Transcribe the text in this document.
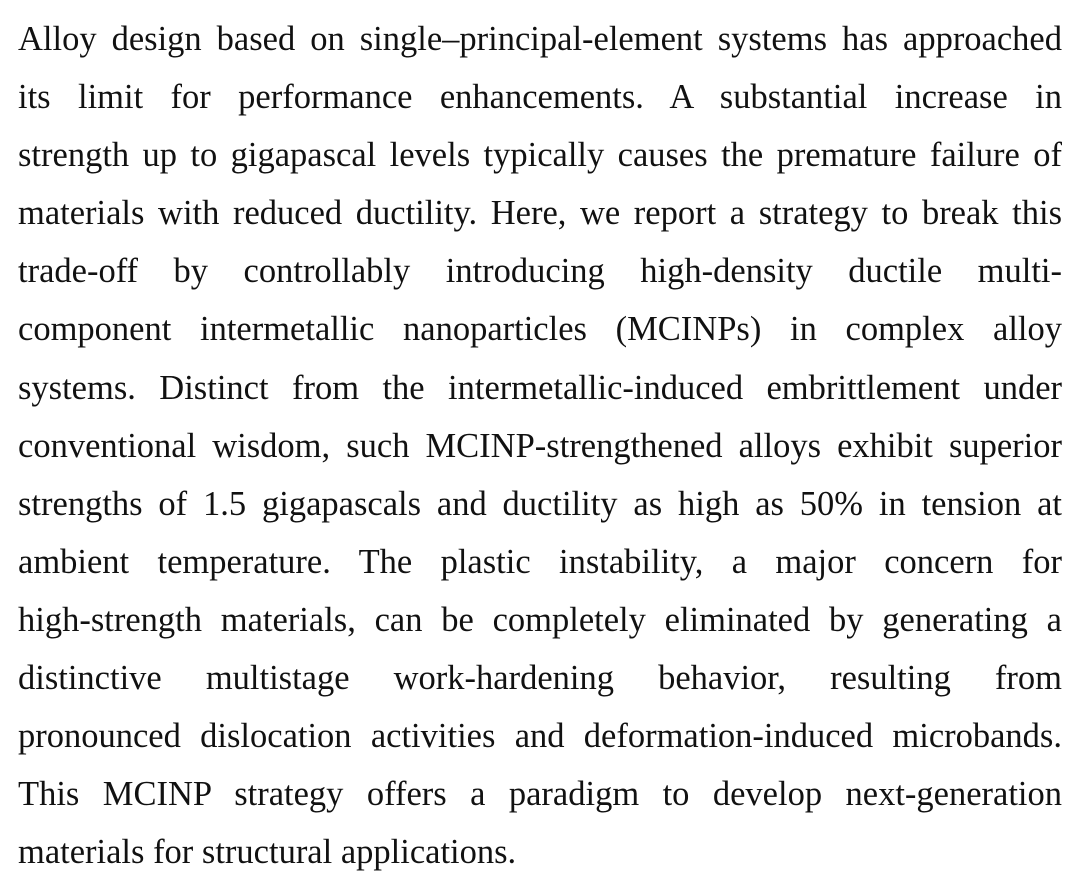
Alloy design based on single–principal-element systems has approached
its limit for performance enhancements. A substantial increase in
strength up to gigapascal levels typically causes the premature failure of
materials with reduced ductility. Here, we report a strategy to break this
trade-off by controllably introducing high-density ductile multi-
component intermetallic nanoparticles (MCINPs) in complex alloy
systems. Distinct from the intermetallic-induced embrittlement under
conventional wisdom, such MCINP-strengthened alloys exhibit superior
strengths of 1.5 gigapascals and ductility as high as 50% in tension at
ambient temperature. The plastic instability, a major concern for
high-strength materials, can be completely eliminated by generating a
distinctive multistage work-hardening behavior, resulting from
pronounced dislocation activities and deformation-induced microbands.
This MCINP strategy offers a paradigm to develop next-generation
materials for structural applications.
